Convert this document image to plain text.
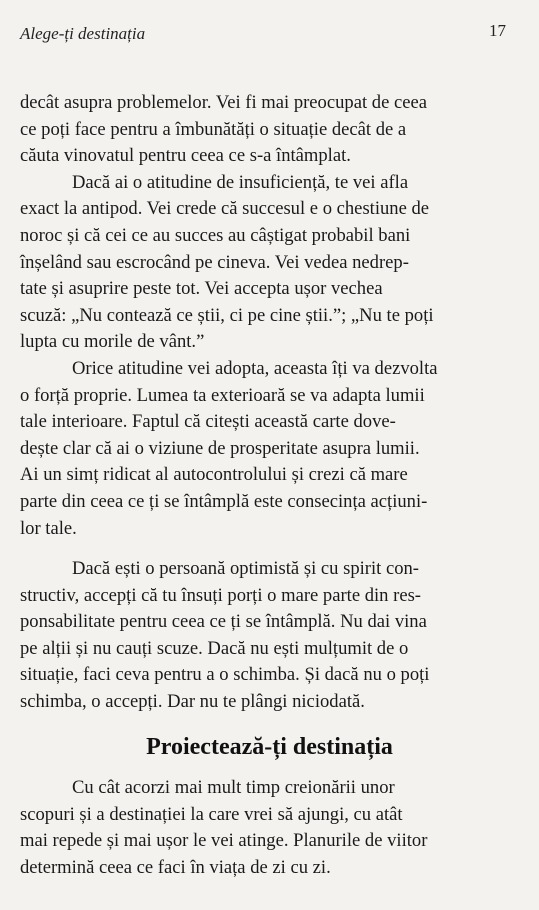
Alege-ți destinația	17

decât asupra problemelor. Vei fi mai preocupat de ceea
ce poți face pentru a îmbunătăți o situație decât de a
căuta vinovatul pentru ceea ce s-a întâmplat.

Dacă ai o atitudine de insuficiență, te vei afla
exact la antipod. Vei crede că succesul e o chestiune de
noroc și că cei ce au succes au câștigat probabil bani
înșelând sau escrocând pe cineva. Vei vedea nedrep-
tate și asuprire peste tot. Vei accepta ușor vechea
scuză: „Nu contează ce știi, ci pe cine știi.”; „Nu te poți
lupta cu morile de vânt.”

Orice atitudine vei adopta, aceasta îți va dezvolta
o forță proprie. Lumea ta exterioară se va adapta lumii
tale interioare. Faptul că citești această carte dove-
dește clar că ai o viziune de prosperitate asupra lumii.
Ai un simț ridicat al autocontrolului și crezi că mare
parte din ceea ce ți se întâmplă este consecința acțiuni-
lor tale.

Dacă ești o persoană optimistă și cu spirit con-
structiv, accepți că tu însuți porți o mare parte din res-
ponsabilitate pentru ceea ce ți se întâmplă. Nu dai vina
pe alții și nu cauți scuze. Dacă nu ești mulțumit de o
situație, faci ceva pentru a o schimba. Și dacă nu o poți
schimba, o accepți. Dar nu te plângi niciodată.

Proiectează-ți destinația

Cu cât acorzi mai mult timp creionării unor
scopuri și a destinației la care vrei să ajungi, cu atât
mai repede și mai ușor le vei atinge. Planurile de viitor
determină ceea ce faci în viața de zi cu zi.
